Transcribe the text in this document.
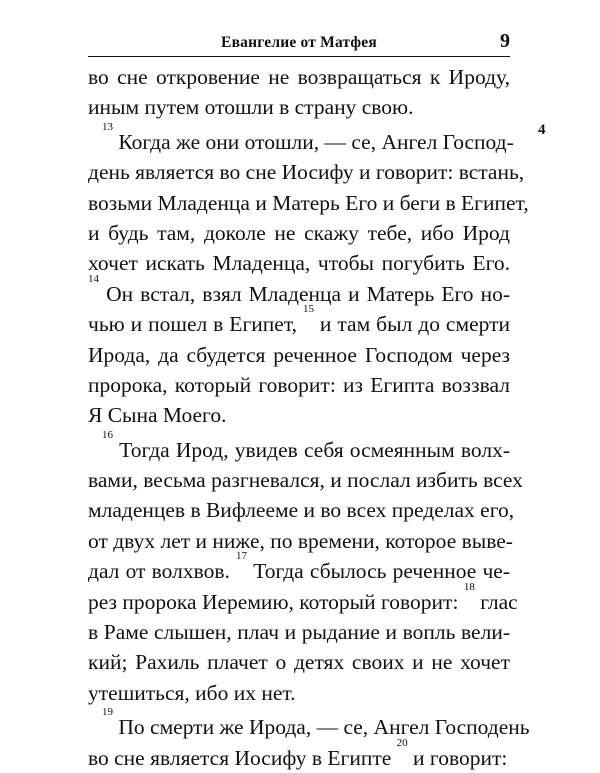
Евангелие от Матфея	9
во сне откровение не возвращаться к Ироду,
иным путем отошли в страну свою.
$^{13}$ Когда же они отошли, — се, Ангел Господ-
день является во сне Иосифу и говорит: встань,
возьми Младенца и Матерь Его и беги в Египет,
и будь там, доколе не скажу тебе, ибо Ирод
хочет искать Младенца, чтобы погубить Его.
$^{14}$ Он встал, взял Младенца и Матерь Его но-
чью и пошел в Египет, $^{15}$ и там был до смерти
Ирода, да сбудется реченное Господом через
пророка, который говорит: из Египта воззвал
Я Сына Моего.
$^{16}$ Тогда Ирод, увидев себя осмеянным волх-
вами, весьма разгневался, и послал избить всех
младенцев в Вифлееме и во всех пределах его,
от двух лет и ниже, по времени, которое выве-
дал от волхвов. $^{17}$ Тогда сбылось реченное че-
рез пророка Иеремию, который говорит: $^{18}$ глас
в Раме слышен, плач и рыдание и вопль вели-
кий; Рахиль плачет о детях своих и не хочет
утешиться, ибо их нет.
$^{19}$ По смерти же Ирода, — се, Ангел Господень
во сне является Иосифу в Египте $^{20}$ и говорит:
4
